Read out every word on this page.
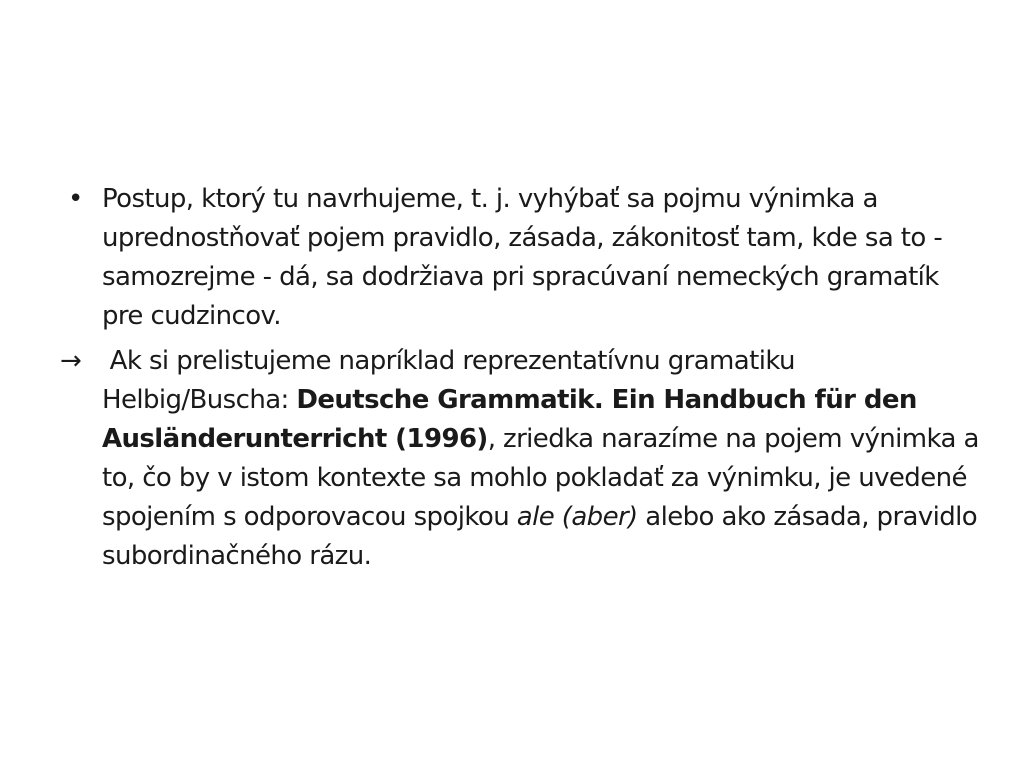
• Postup, ktorý tu navrhujeme, t. j. vyhýbať sa pojmu výnimka a uprednostňovať pojem pravidlo, zásada, zákonitosť tam, kde sa to - samozrejme - dá, sa dodržiava pri spracúvaní nemeckých gramatík pre cudzincov.
→	Ak si prelistujeme napríklad reprezentatívnu gramatiku Helbig/Buscha: Deutsche Grammatik. Ein Handbuch für den Ausländerunterricht (1996), zriedka narazíme na pojem výnimka a to, čo by v istom kontexte sa mohlo pokladať za výnimku, je uvedené spojením s odporovacou spojkou ale (aber) alebo ako zásada, pravidlo subordinačného rázu.
